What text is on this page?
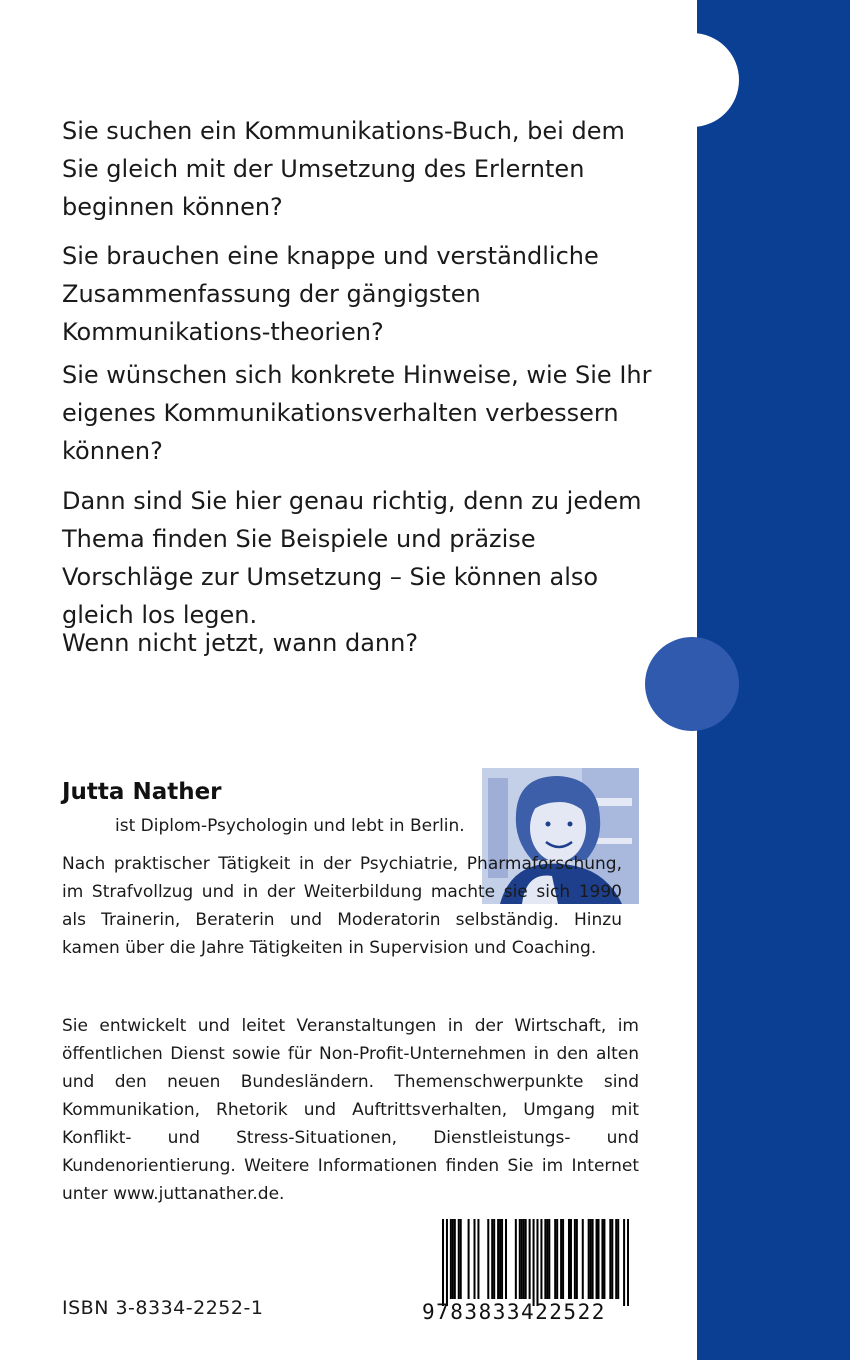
Sie suchen ein Kommunikations-Buch, bei dem Sie gleich mit der Umsetzung des Erlernten beginnen können?

Sie brauchen eine knappe und verständliche Zusammenfassung der gängigsten Kommunikations-theorien?

Sie wünschen sich konkrete Hinweise, wie Sie Ihr eigenes Kommunikationsverhalten verbessern können?

Dann sind Sie hier genau richtig, denn zu jedem Thema finden Sie Beispiele und präzise Vorschläge zur Umsetzung – Sie können also gleich los legen.

Wenn nicht jetzt, wann dann?

Jutta Nather

ist Diplom-Psychologin und lebt in Berlin.

Nach praktischer Tätigkeit in der Psychiatrie, Pharmaforschung, im Strafvollzug und in der Weiterbildung machte sie sich 1990 als Trainerin, Beraterin und Moderatorin selbständig. Hinzu kamen über die Jahre Tätigkeiten in Supervision und Coaching.

Sie entwickelt und leitet Veranstaltungen in der Wirtschaft, im öffentlichen Dienst sowie für Non-Profit-Unternehmen in den alten und den neuen Bundesländern. Themenschwerpunkte sind Kommunikation, Rhetorik und Auftrittsverhalten, Umgang mit Konflikt- und Stress-Situationen, Dienstleistungs- und Kundenorientierung. Weitere Informationen finden Sie im Internet unter www.juttanather.de.

ISBN 3-8334-2252-1	9783833422522
